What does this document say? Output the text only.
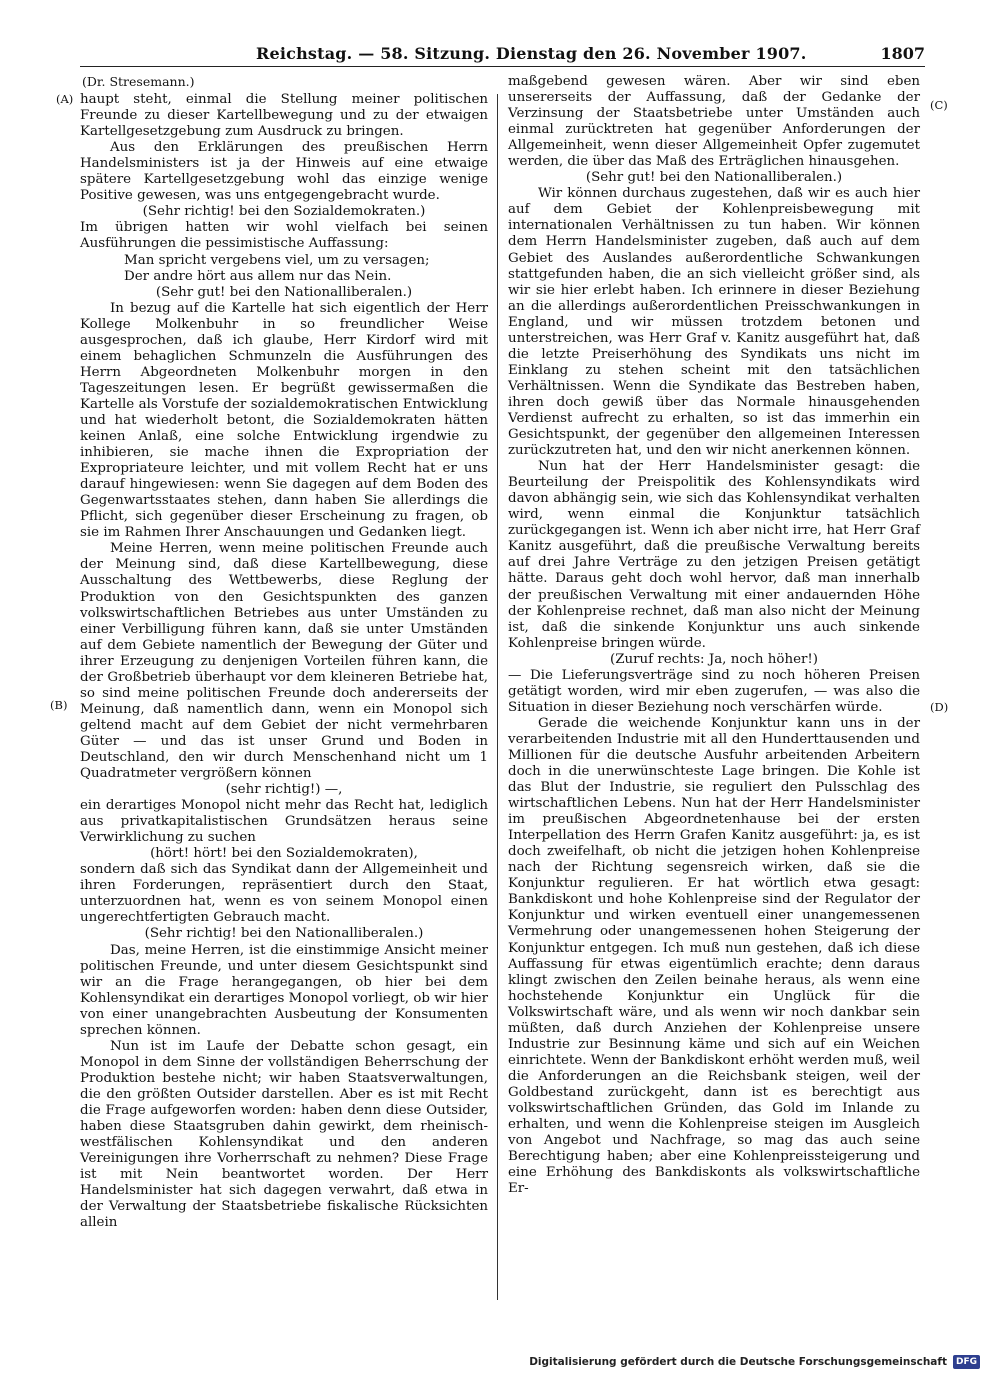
Reichstag. — 58. Sitzung. Dienstag den 26. November 1907.	1807
(A)
(B)
(C)
(D)

(Dr. Stresemann.)

haupt steht, einmal die Stellung meiner politischen Freunde zu dieser Kartellbewegung und zu der etwaigen Kartellgesetzgebung zum Ausdruck zu bringen.

Aus den Erklärungen des preußischen Herrn Handelsministers ist ja der Hinweis auf eine etwaige spätere Kartellgesetzgebung wohl das einzige wenige Positive gewesen, was uns entgegengebracht wurde.

(Sehr richtig! bei den Sozialdemokraten.)

Im übrigen hatten wir wohl vielfach bei seinen Ausführungen die pessimistische Auffassung:

Man spricht vergebens viel, um zu versagen;

Der andre hört aus allem nur das Nein.

(Sehr gut! bei den Nationalliberalen.)

In bezug auf die Kartelle hat sich eigentlich der Herr Kollege Molkenbuhr in so freundlicher Weise ausgesprochen, daß ich glaube, Herr Kirdorf wird mit einem behaglichen Schmunzeln die Ausführungen des Herrn Abgeordneten Molkenbuhr morgen in den Tageszeitungen lesen. Er begrüßt gewissermaßen die Kartelle als Vorstufe der sozialdemokratischen Entwicklung und hat wiederholt betont, die Sozialdemokraten hätten keinen Anlaß, eine solche Entwicklung irgendwie zu inhibieren, sie mache ihnen die Expropriation der Expropriateure leichter, und mit vollem Recht hat er uns darauf hingewiesen: wenn Sie dagegen auf dem Boden des Gegenwartsstaates stehen, dann haben Sie allerdings die Pflicht, sich gegenüber dieser Erscheinung zu fragen, ob sie im Rahmen Ihrer Anschauungen und Gedanken liegt.

Meine Herren, wenn meine politischen Freunde auch der Meinung sind, daß diese Kartellbewegung, diese Ausschaltung des Wettbewerbs, diese Reglung der Produktion von den Gesichtspunkten des ganzen volkswirtschaftlichen Betriebes aus unter Umständen zu einer Verbilligung führen kann, daß sie unter Umständen auf dem Gebiete namentlich der Bewegung der Güter und ihrer Erzeugung zu denjenigen Vorteilen führen kann, die der Großbetrieb überhaupt vor dem kleineren Betriebe hat, so sind meine politischen Freunde doch andererseits der Meinung, daß namentlich dann, wenn ein Monopol sich geltend macht auf dem Gebiet der nicht vermehrbaren Güter — und das ist unser Grund und Boden in Deutschland, den wir durch Menschenhand nicht um 1 Quadratmeter vergrößern können

(sehr richtig!) —,

ein derartiges Monopol nicht mehr das Recht hat, lediglich aus privatkapitalistischen Grundsätzen heraus seine Verwirklichung zu suchen

(hört! hört! bei den Sozialdemokraten),

sondern daß sich das Syndikat dann der Allgemeinheit und ihren Forderungen, repräsentiert durch den Staat, unterzuordnen hat, wenn es von seinem Monopol einen ungerechtfertigten Gebrauch macht.

(Sehr richtig! bei den Nationalliberalen.)

Das, meine Herren, ist die einstimmige Ansicht meiner politischen Freunde, und unter diesem Gesichtspunkt sind wir an die Frage herangegangen, ob hier bei dem Kohlensyndikat ein derartiges Monopol vorliegt, ob wir hier von einer unangebrachten Ausbeutung der Konsumenten sprechen können.

Nun ist im Laufe der Debatte schon gesagt, ein Monopol in dem Sinne der vollständigen Beherrschung der Produktion bestehe nicht; wir haben Staatsverwaltungen, die den größten Outsider darstellen. Aber es ist mit Recht die Frage aufgeworfen worden: haben denn diese Outsider, haben diese Staatsgruben dahin gewirkt, dem rheinisch-westfälischen Kohlensyndikat und den anderen Vereinigungen ihre Vorherrschaft zu nehmen? Diese Frage ist mit Nein beantwortet worden. Der Herr Handelsminister hat sich dagegen verwahrt, daß etwa in der Verwaltung der Staatsbetriebe fiskalische Rücksichten allein

maßgebend gewesen wären. Aber wir sind eben unsererseits der Auffassung, daß der Gedanke der Verzinsung der Staatsbetriebe unter Umständen auch einmal zurücktreten hat gegenüber Anforderungen der Allgemeinheit, wenn dieser Allgemeinheit Opfer zugemutet werden, die über das Maß des Erträglichen hinausgehen.

(Sehr gut! bei den Nationalliberalen.)

Wir können durchaus zugestehen, daß wir es auch hier auf dem Gebiet der Kohlenpreisbewegung mit internationalen Verhältnissen zu tun haben. Wir können dem Herrn Handelsminister zugeben, daß auch auf dem Gebiet des Auslandes außerordentliche Schwankungen stattgefunden haben, die an sich vielleicht größer sind, als wir sie hier erlebt haben. Ich erinnere in dieser Beziehung an die allerdings außerordentlichen Preisschwankungen in England, und wir müssen trotzdem betonen und unterstreichen, was Herr Graf v. Kanitz ausgeführt hat, daß die letzte Preiserhöhung des Syndikats uns nicht im Einklang zu stehen scheint mit den tatsächlichen Verhältnissen. Wenn die Syndikate das Bestreben haben, ihren doch gewiß über das Normale hinausgehenden Verdienst aufrecht zu erhalten, so ist das immerhin ein Gesichtspunkt, der gegenüber den allgemeinen Interessen zurückzutreten hat, und den wir nicht anerkennen können.

Nun hat der Herr Handelsminister gesagt: die Beurteilung der Preispolitik des Kohlensyndikats wird davon abhängig sein, wie sich das Kohlensyndikat verhalten wird, wenn einmal die Konjunktur tatsächlich zurückgegangen ist. Wenn ich aber nicht irre, hat Herr Graf Kanitz ausgeführt, daß die preußische Verwaltung bereits auf drei Jahre Verträge zu den jetzigen Preisen getätigt hätte. Daraus geht doch wohl hervor, daß man innerhalb der preußischen Verwaltung mit einer andauernden Höhe der Kohlenpreise rechnet, daß man also nicht der Meinung ist, daß die sinkende Konjunktur uns auch sinkende Kohlenpreise bringen würde.

(Zuruf rechts: Ja, noch höher!)

— Die Lieferungsverträge sind zu noch höheren Preisen getätigt worden, wird mir eben zugerufen, — was also die Situation in dieser Beziehung noch verschärfen würde.

Gerade die weichende Konjunktur kann uns in der verarbeitenden Industrie mit all den Hunderttausenden und Millionen für die deutsche Ausfuhr arbeitenden Arbeitern doch in die unerwünschteste Lage bringen. Die Kohle ist das Blut der Industrie, sie reguliert den Pulsschlag des wirtschaftlichen Lebens. Nun hat der Herr Handelsminister im preußischen Abgeordnetenhause bei der ersten Interpellation des Herrn Grafen Kanitz ausgeführt: ja, es ist doch zweifelhaft, ob nicht die jetzigen hohen Kohlenpreise nach der Richtung segensreich wirken, daß sie die Konjunktur regulieren. Er hat wörtlich etwa gesagt: Bankdiskont und hohe Kohlenpreise sind der Regulator der Konjunktur und wirken eventuell einer unangemessenen Vermehrung oder unangemessenen hohen Steigerung der Konjunktur entgegen. Ich muß nun gestehen, daß ich diese Auffassung für etwas eigentümlich erachte; denn daraus klingt zwischen den Zeilen beinahe heraus, als wenn eine hochstehende Konjunktur ein Unglück für die Volkswirtschaft wäre, und als wenn wir noch dankbar sein müßten, daß durch Anziehen der Kohlenpreise unsere Industrie zur Besinnung käme und sich auf ein Weichen einrichtete. Wenn der Bankdiskont erhöht werden muß, weil die Anforderungen an die Reichsbank steigen, weil der Goldbestand zurückgeht, dann ist es berechtigt aus volkswirtschaftlichen Gründen, das Gold im Inlande zu erhalten, und wenn die Kohlenpreise steigen im Ausgleich von Angebot und Nachfrage, so mag das auch seine Berechtigung haben; aber eine Kohlenpreissteigerung und eine Erhöhung des Bankdiskonts als volkswirtschaftliche Er-

Digitalisierung gefördert durch die Deutsche Forschungsgemeinschaft	DFG
